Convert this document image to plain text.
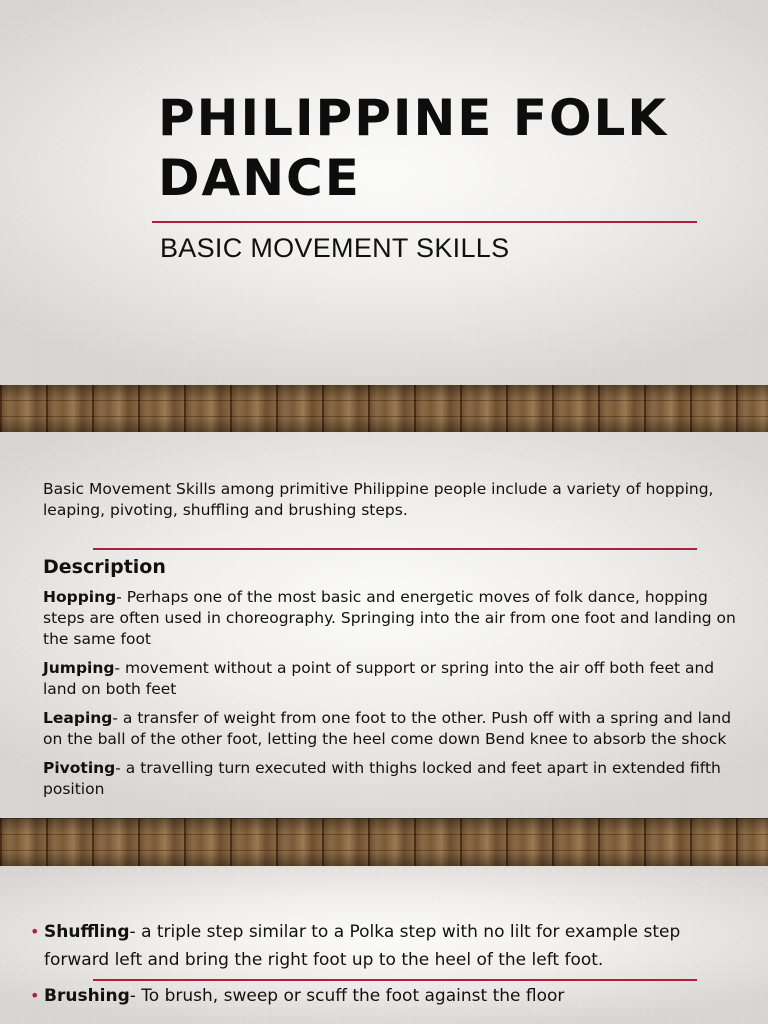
PHILIPPINE FOLK
DANCE
BASIC MOVEMENT SKILLS
Basic Movement Skills among primitive Philippine people include a variety of hopping, leaping, pivoting, shuffling and brushing steps.
Description

Hopping- Perhaps one of the most basic and energetic moves of folk dance, hopping steps are often used in choreography. Springing into the air from one foot and landing on the same foot

Jumping- movement without a point of support or spring into the air off both feet and land on both feet

Leaping- a transfer of weight from one foot to the other. Push off with a spring and land on the ball of the other foot, letting the heel come down Bend knee to absorb the shock

Pivoting- a travelling turn executed with thighs locked and feet apart in extended fifth position

• Shuffling- a triple step similar to a Polka step with no lilt for example step forward left and bring the right foot up to the heel of the left foot.
• Brushing- To brush, sweep or scuff the foot against the floor
